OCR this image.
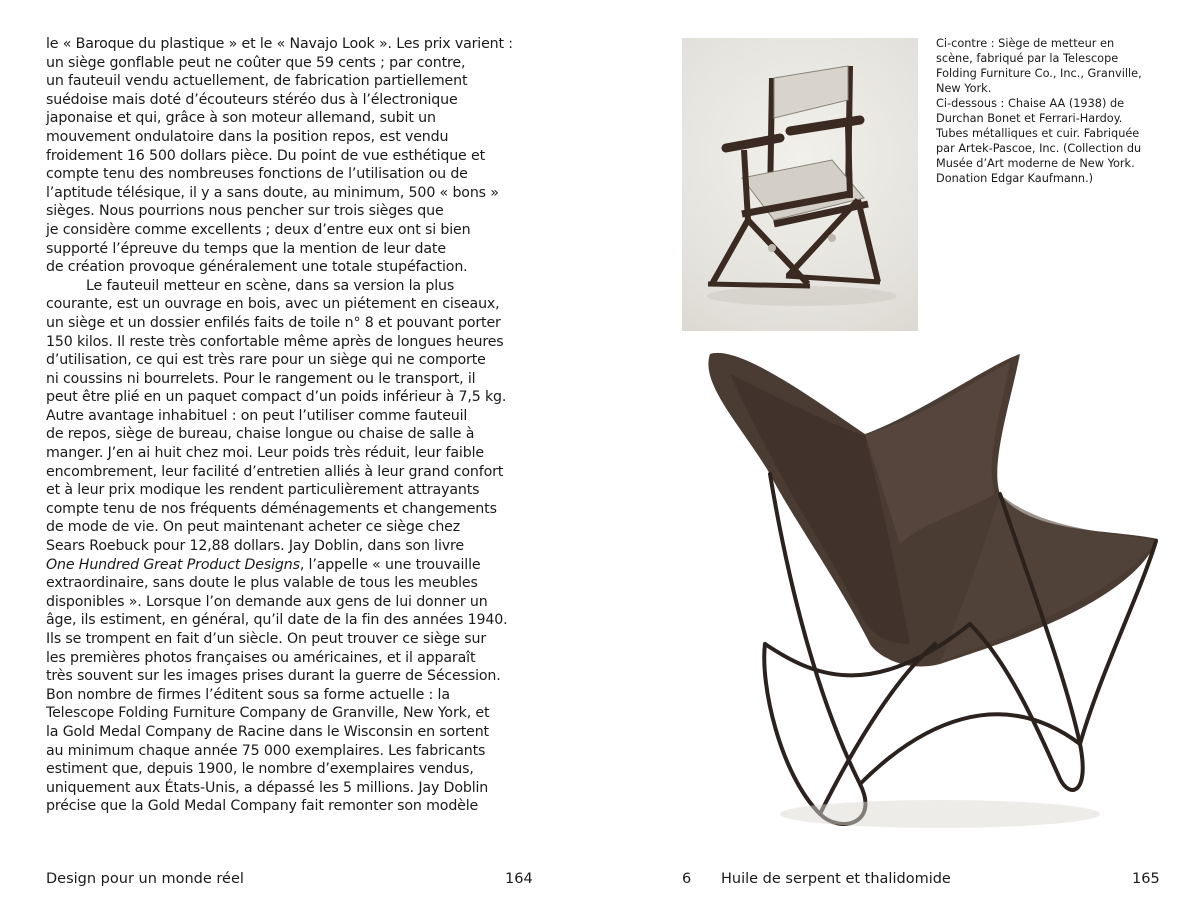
le « Baroque du plastique » et le « Navajo Look ». Les prix varient :
un siège gonflable peut ne coûter que 59 cents ; par contre,
un fauteuil vendu actuellement, de fabrication partiellement
suédoise mais doté d’écouteurs stéréo dus à l’électronique
japonaise et qui, grâce à son moteur allemand, subit un
mouvement ondulatoire dans la position repos, est vendu
froidement 16 500 dollars pièce. Du point de vue esthétique et
compte tenu des nombreuses fonctions de l’utilisation ou de
l’aptitude télésique, il y a sans doute, au minimum, 500 « bons »
sièges. Nous pourrions nous pencher sur trois sièges que
je considère comme excellents ; deux d’entre eux ont si bien
supporté l’épreuve du temps que la mention de leur date
de création provoque généralement une totale stupéfaction.
Le fauteuil metteur en scène, dans sa version la plus
courante, est un ouvrage en bois, avec un piétement en ciseaux,
un siège et un dossier enfilés faits de toile n° 8 et pouvant porter
150 kilos. Il reste très confortable même après de longues heures
d’utilisation, ce qui est très rare pour un siège qui ne comporte
ni coussins ni bourrelets. Pour le rangement ou le transport, il
peut être plié en un paquet compact d’un poids inférieur à 7,5 kg.
Autre avantage inhabituel : on peut l’utiliser comme fauteuil
de repos, siège de bureau, chaise longue ou chaise de salle à
manger. J’en ai huit chez moi. Leur poids très réduit, leur faible
encombrement, leur facilité d’entretien alliés à leur grand confort
et à leur prix modique les rendent particulièrement attrayants
compte tenu de nos fréquents déménagements et changements
de mode de vie. On peut maintenant acheter ce siège chez
Sears Roebuck pour 12,88 dollars. Jay Doblin, dans son livre
One Hundred Great Product Designs, l’appelle « une trouvaille
extraordinaire, sans doute le plus valable de tous les meubles
disponibles ». Lorsque l’on demande aux gens de lui donner un
âge, ils estiment, en général, qu’il date de la fin des années 1940.
Ils se trompent en fait d’un siècle. On peut trouver ce siège sur
les premières photos françaises ou américaines, et il apparaît
très souvent sur les images prises durant la guerre de Sécession.
Bon nombre de firmes l’éditent sous sa forme actuelle : la
Telescope Folding Furniture Company de Granville, New York, et
la Gold Medal Company de Racine dans le Wisconsin en sortent
au minimum chaque année 75 000 exemplaires. Les fabricants
estiment que, depuis 1900, le nombre d’exemplaires vendus,
uniquement aux États-Unis, a dépassé les 5 millions. Jay Doblin
précise que la Gold Medal Company fait remonter son modèle
Design pour un monde réel	164
Ci-contre : Siège de metteur en
scène, fabriqué par la Telescope
Folding Furniture Co., Inc., Granville,
New York.
Ci-dessous : Chaise AA (1938) de
Durchan Bonet et Ferrari-Hardoy.
Tubes métalliques et cuir. Fabriquée
par Artek-Pascoe, Inc. (Collection du
Musée d’Art moderne de New York.
Donation Edgar Kaufmann.)
6 Huile de serpent et thalidomide	165
